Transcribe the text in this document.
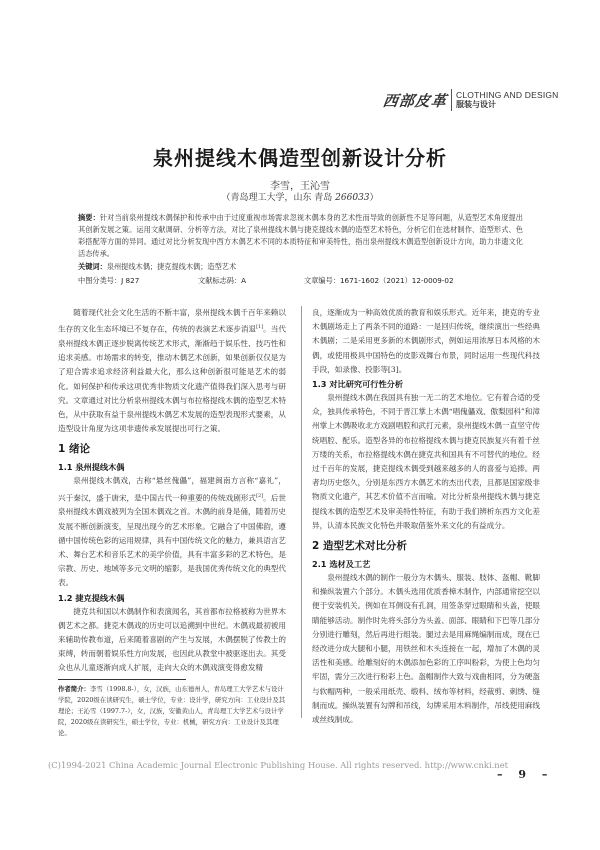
西部皮革 CLOTHING AND DESIGN
服装与设计
泉州提线木偶造型创新设计分析
李雪，王沁雪
（青岛理工大学，山东 青岛 266033）
摘要：针对当前泉州提线木偶保护和传承中由于过度重视市场需求忽视木偶本身的艺术性而导致的创新性不足等问题，从造型艺术角度提出其创新发展之策。运用文献调研、分析等方法，对比了泉州提线木偶与捷克提线木偶的造型艺术特色，分析它们在选材制作、造型形式、色彩搭配等方面的异同。通过对比分析发现中西方木偶艺术不同的本质特征和审美特性，指出泉州提线木偶造型创新设计方向，助力非遗文化活态传承。
关键词：泉州提线木偶；捷克提线木偶；造型艺术
中图分类号：J 827	文献标志码：A	文章编号：1671-1602（2021）12-0009-02

随着现代社会文化生活的不断丰富，泉州提线木偶千百年来赖以生存的文化生态环境已不复存在，传统的表演艺术逐步消退[1]。当代泉州提线木偶正逐步脱离传统艺术形式，渐渐趋于娱乐性、技巧性和追求美感。市场需求的转变，推动木偶艺术创新，如果创新仅仅是为了迎合需求追求经济利益最大化，那么这种创新很可能是艺术的弱化。如何保护和传承这项优秀非物质文化遗产值得我们深入思考与研究。文章通过对比分析泉州提线木偶与布拉格提线木偶的造型艺术特色，从中获取有益于泉州提线木偶艺术发展的造型表现形式要素，从造型设计角度为这项非遗传承发展提出可行之策。

1 绪论
1.1 泉州提线木偶

泉州提线木偶戏，古称“悬丝傀儡”，福建闽南方言称“嘉礼”，兴于秦汉，盛于唐宋，是中国古代一种重要的传统戏剧形式[2]。后世泉州提线木偶戏被列为全国木偶戏之首。木偶的前身是俑，随着历史发展不断创新演变，呈现出现今的艺术形象。它融合了中国佛韵，遵循中国传统色彩的运用规律，具有中国传统文化的魅力，兼具语言艺术、舞台艺术和音乐艺术的美学价值，具有丰富多彩的艺术特色，是宗教、历史、地域等多元文明的缩影，是我国优秀传统文化的典型代表。

1.2 捷克提线木偶

捷克共和国以木偶制作和表演闻名，其首都布拉格被称为世界木偶艺术之都。捷克木偶戏的历史可以追溯到中世纪。木偶戏最初被用来辅助传教布道，后来随着喜剧的产生与发展，木偶摆脱了传教士的束缚，转而朝着娱乐性方向发展，也因此从教堂中被驱逐出去。其受众也从儿童逐渐向成人扩展，走向大众的木偶戏演变得愈发精

良，逐渐成为一种高效优质的教育和娱乐形式。近年来，捷克的专业木偶剧场走上了两条不同的道路：一是回归传统，继续演出一些经典木偶剧；二是采用更多新的木偶剧形式，例如运用浓厚日本风格的木偶，或使用极具中国特色的皮影戏舞台布景，同时运用一些现代科技手段，如录像、投影等[3]。

1.3 对比研究可行性分析

泉州提线木偶在我国具有独一无二的艺术地位。它有着合适的受众，独具传承特色，不同于晋江掌上木偶“唱傀儡戏、傲梨园科”和漳州掌上木偶吸收北方戏剧唱腔和武打元素，泉州提线木偶一直坚守传统唱腔、配乐。造型各异的布拉格提线木偶与捷克民族复兴有着千丝万缕的关系，布拉格提线木偶在捷克共和国具有不可替代的地位。经过千百年的发展，捷克提线木偶受到越来越多的人的喜爱与追捧。两者均历史悠久，分别是东西方木偶艺术的杰出代表，且都是国家级非物质文化遗产，其艺术价值不言而喻。对比分析泉州提线木偶与捷克提线木偶的造型艺术及审美特性特征，有助于我们辨析东西方文化差异，认清本民族文化特色并吸取借鉴外来文化的有益成分。

2 造型艺术对比分析
2.1 选材及工艺

泉州提线木偶的制作一般分为木偶头、服装、肢体、盔帽、靴脚和操纵装置六个部分。木偶头选用优质香樟木制作，内部通常挖空以便于安装机关。例如在耳侧设有孔洞，用签条穿过眼睛和头盖，使眼睛能够活动。制作时先将头部分为头盖、面部、眼睛和下巴等几部分分别进行雕刻，然后再进行组装。腿过去是用麻绳编制而成，现在已经改进分成大腿和小腿，用铁丝和木头连接在一起，增加了木偶的灵活性和美感。给雕刻好的木偶添加色彩的工序叫粉彩，为使上色均匀牢固，需分三次进行粉彩上色。盔帽制作大致与戏曲相同，分为硬盔与软帽两种，一般采用纸壳、缎料、绒布等材料，经裁剪、刺绣、缝制而成。操纵装置有勾牌和吊线，勾牌采用木料制作，吊线使用麻线或丝线制成。

作者简介：李雪（1998.8-），女，汉族，山东德州人，青岛理工大学艺术与设计学院，2020级在读研究生，硕士学位，专业：设计学，研究方向：工业设计及其理论；王沁雪（1997.7-），女，汉族，安徽黄山人，青岛理工大学艺术与设计学院，2020级在读研究生，硕士学位，专业：机械，研究方向：工业设计及其理论。
(C)1994-2021 China Academic Journal Electronic Publishing House. All rights reserved. http://www.cnki.net
– 9 –
